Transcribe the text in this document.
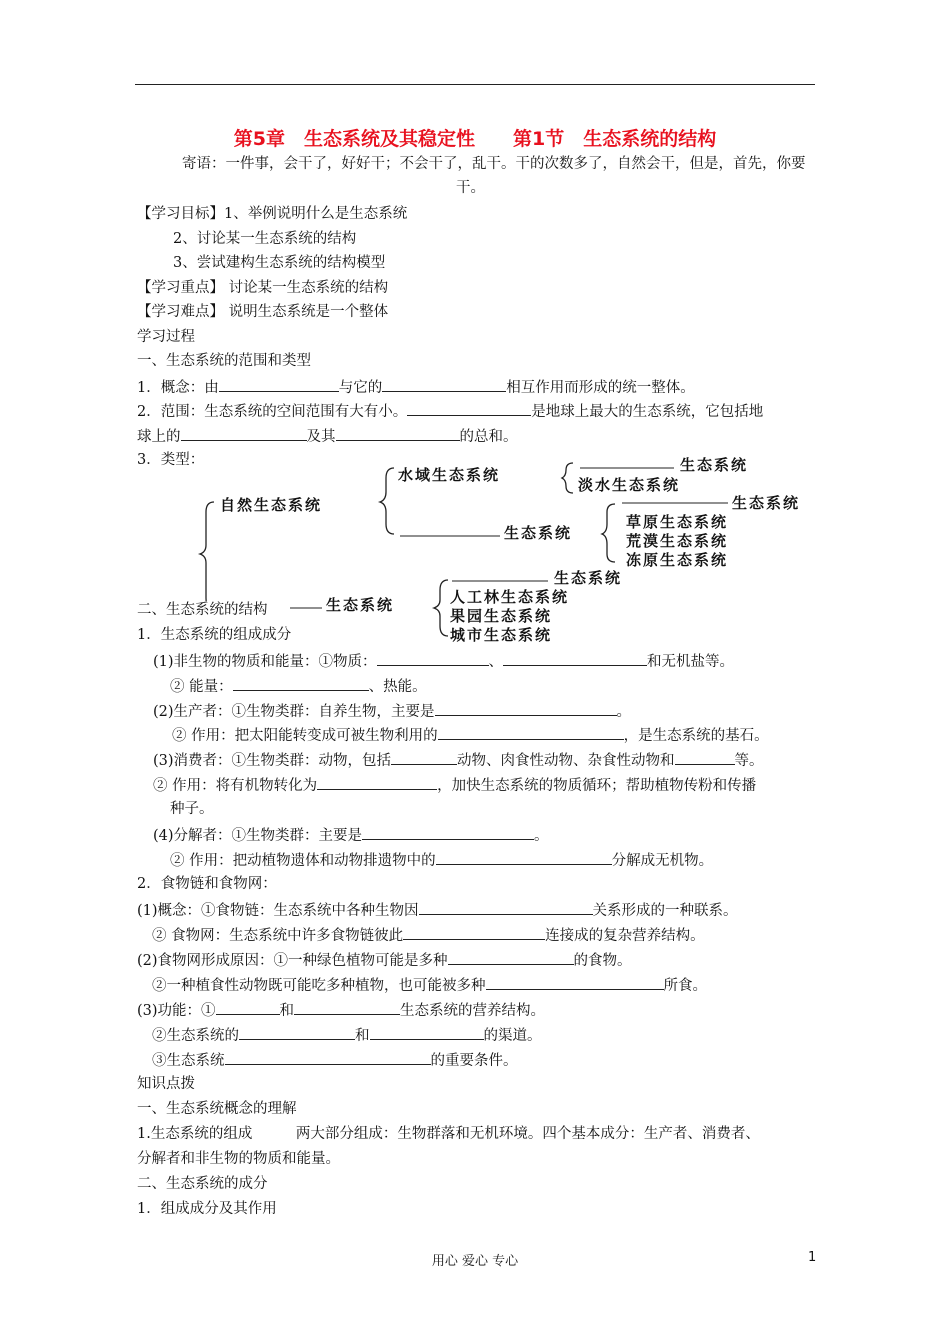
第5章　生态系统及其稳定性　　第1节　生态系统的结构
寄语：一件事，会干了，好好干；不会干了，乱干。干的次数多了，自然会干，但是，首先，你要
干。
【学习目标】1、举例说明什么是生态系统
2、讨论某一生态系统的结构
3、尝试建构生态系统的结构模型
【学习重点】 讨论某一生态系统的结构
【学习难点】 说明生态系统是一个整体
学习过程
一、生态系统的范围和类型
1．概念：由	与它的	相互作用而形成的统一整体。
2．范围：生态系统的空间范围有大有小。	是地球上最大的生态系统，它包括地
球上的	及其	的总和。
3．类型：
自然生态系统
水域生态系统
生态系统
淡水生态系统
生态系统
生态系统
草原生态系统
荒漠生态系统
冻原生态系统
生态系统
生态系统
人工林生态系统
果园生态系统
城市生态系统
二、生态系统的结构
1．生态系统的组成成分
(1)非生物的物质和能量：①物质：	、	和无机盐等。
② 能量：	、热能。
(2)生产者：①生物类群：自养生物，主要是	。
② 作用：把太阳能转变成可被生物利用的	，是生态系统的基石。
(3)消费者：①生物类群：动物，包括	动物、肉食性动物、杂食性动物和	等。
② 作用：将有机物转化为	，加快生态系统的物质循环；帮助植物传粉和传播
种子。
(4)分解者：①生物类群：主要是	。
② 作用：把动植物遗体和动物排遗物中的	分解成无机物。
2．食物链和食物网：
(1)概念：①食物链：生态系统中各种生物因	关系形成的一种联系。
② 食物网：生态系统中许多食物链彼此	连接成的复杂营养结构。
(2)食物网形成原因：①一种绿色植物可能是多种	的食物。
②一种植食性动物既可能吃多种植物，也可能被多种	所食。
(3)功能：①	和	生态系统的营养结构。
②生态系统的	和	的渠道。
③生态系统	的重要条件。
知识点拨
一、生态系统概念的理解
1.生态系统的组成　　　两大部分组成：生物群落和无机环境。四个基本成分：生产者、消费者、
分解者和非生物的物质和能量。
二、生态系统的成分
1．组成成分及其作用
用心 爱心 专心	1
